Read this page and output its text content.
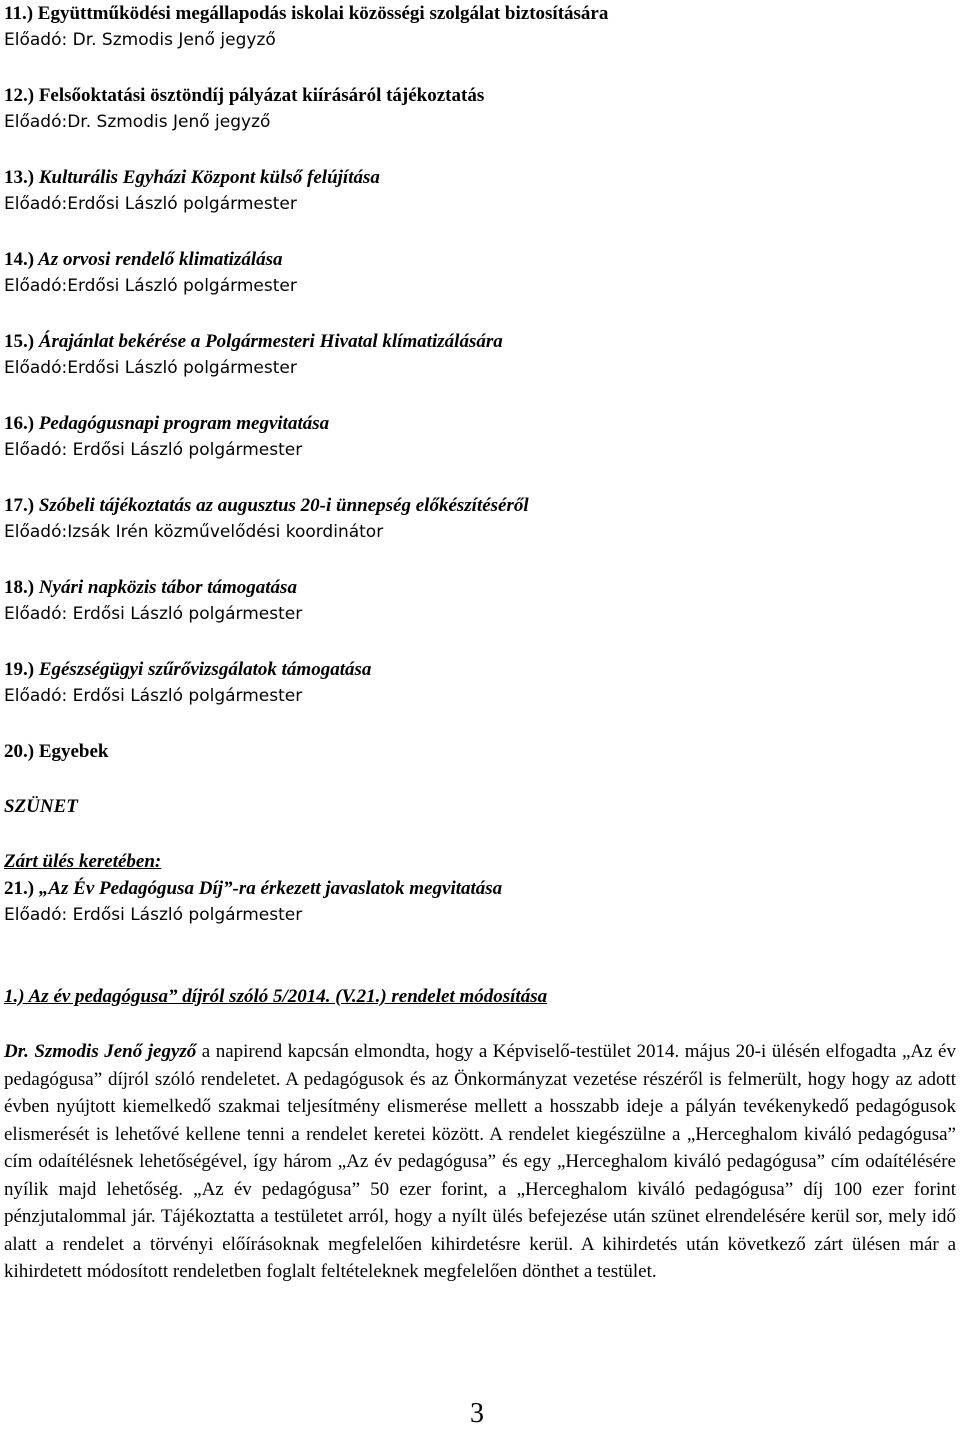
11.) Együttműködési megállapodás iskolai közösségi szolgálat biztosítására
Előadó: Dr. Szmodis Jenő jegyző
12.) Felsőoktatási ösztöndíj pályázat kiírásáról tájékoztatás
Előadó:Dr. Szmodis Jenő jegyző
13.) Kulturális Egyházi Központ külső felújítása
Előadó:Erdősi László polgármester
14.) Az orvosi rendelő klimatizálása
Előadó:Erdősi László polgármester
15.) Árajánlat bekérése a Polgármesteri Hivatal klímatizálására
Előadó:Erdősi László polgármester
16.) Pedagógusnapi program megvitatása
Előadó: Erdősi László polgármester
17.) Szóbeli tájékoztatás az augusztus 20-i ünnepség előkészítéséről
Előadó:Izsák Irén közművelődési koordinátor
18.) Nyári napközis tábor támogatása
Előadó: Erdősi László polgármester
19.) Egészségügyi szűrővizsgálatok támogatása
Előadó: Erdősi László polgármester
20.) Egyebek
SZÜNET
Zárt ülés keretében:
21.) „Az Év Pedagógusa Díj”-ra érkezett javaslatok megvitatása
Előadó: Erdősi László polgármester
1.) Az év pedagógusa” díjról szóló 5/2014. (V.21.) rendelet módosítása

Dr. Szmodis Jenő jegyző a napirend kapcsán elmondta, hogy a Képviselő-testület 2014. május 20-i ülésén elfogadta „Az év pedagógusa” díjról szóló rendeletet. A pedagógusok és az Önkormányzat vezetése részéről is felmerült, hogy hogy az adott évben nyújtott kiemelkedő szakmai teljesítmény elismerése mellett a hosszabb ideje a pályán tevékenykedő pedagógusok elismerését is lehetővé kellene tenni a rendelet keretei között. A rendelet kiegészülne a „Herceghalom kiváló pedagógusa” cím odaítélésnek lehetőségével, így három „Az év pedagógusa” és egy „Herceghalom kiváló pedagógusa” cím odaítélésére nyílik majd lehetőség. „Az év pedagógusa” 50 ezer forint, a „Herceghalom kiváló pedagógusa” díj 100 ezer forint pénzjutalommal jár. Tájékoztatta a testületet arról, hogy a nyílt ülés befejezése után szünet elrendelésére kerül sor, mely idő alatt a rendelet a törvényi előírásoknak megfelelően kihirdetésre kerül. A kihirdetés után következő zárt ülésen már a kihirdetett módosított rendeletben foglalt feltételeknek megfelelően dönthet a testület.

3
